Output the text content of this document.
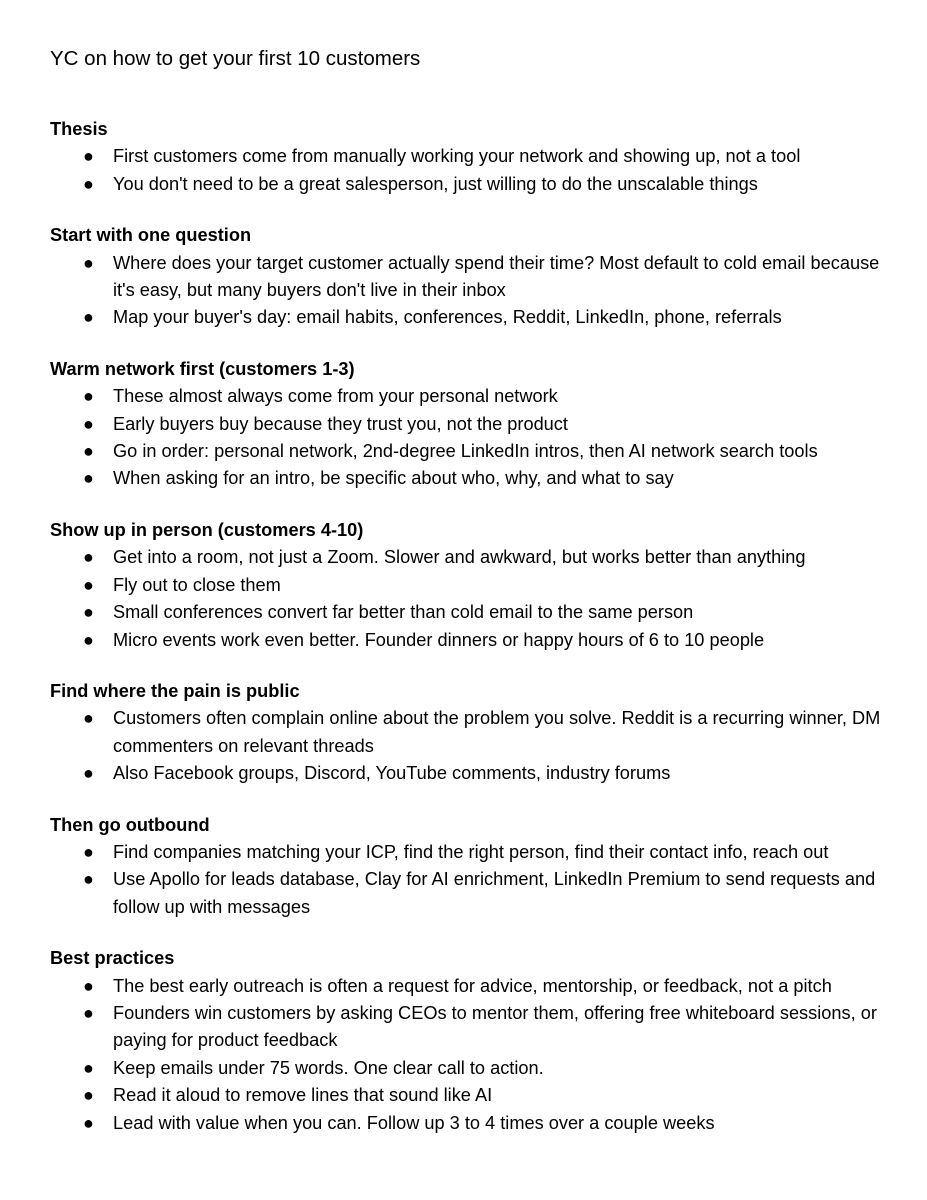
YC on how to get your first 10 customers
Thesis
● First customers come from manually working your network and showing up, not a tool
● You don't need to be a great salesperson, just willing to do the unscalable things
Start with one question
● Where does your target customer actually spend their time? Most default to cold email because it's easy, but many buyers don't live in their inbox
● Map your buyer's day: email habits, conferences, Reddit, LinkedIn, phone, referrals
Warm network first (customers 1-3)
● These almost always come from your personal network
● Early buyers buy because they trust you, not the product
● Go in order: personal network, 2nd-degree LinkedIn intros, then AI network search tools
● When asking for an intro, be specific about who, why, and what to say
Show up in person (customers 4-10)
● Get into a room, not just a Zoom. Slower and awkward, but works better than anything
● Fly out to close them
● Small conferences convert far better than cold email to the same person
● Micro events work even better. Founder dinners or happy hours of 6 to 10 people
Find where the pain is public
● Customers often complain online about the problem you solve. Reddit is a recurring winner, DM commenters on relevant threads
● Also Facebook groups, Discord, YouTube comments, industry forums
Then go outbound
● Find companies matching your ICP, find the right person, find their contact info, reach out
● Use Apollo for leads database, Clay for AI enrichment, LinkedIn Premium to send requests and follow up with messages
Best practices
● The best early outreach is often a request for advice, mentorship, or feedback, not a pitch
● Founders win customers by asking CEOs to mentor them, offering free whiteboard sessions, or paying for product feedback
● Keep emails under 75 words. One clear call to action.
● Read it aloud to remove lines that sound like AI
● Lead with value when you can. Follow up 3 to 4 times over a couple weeks
